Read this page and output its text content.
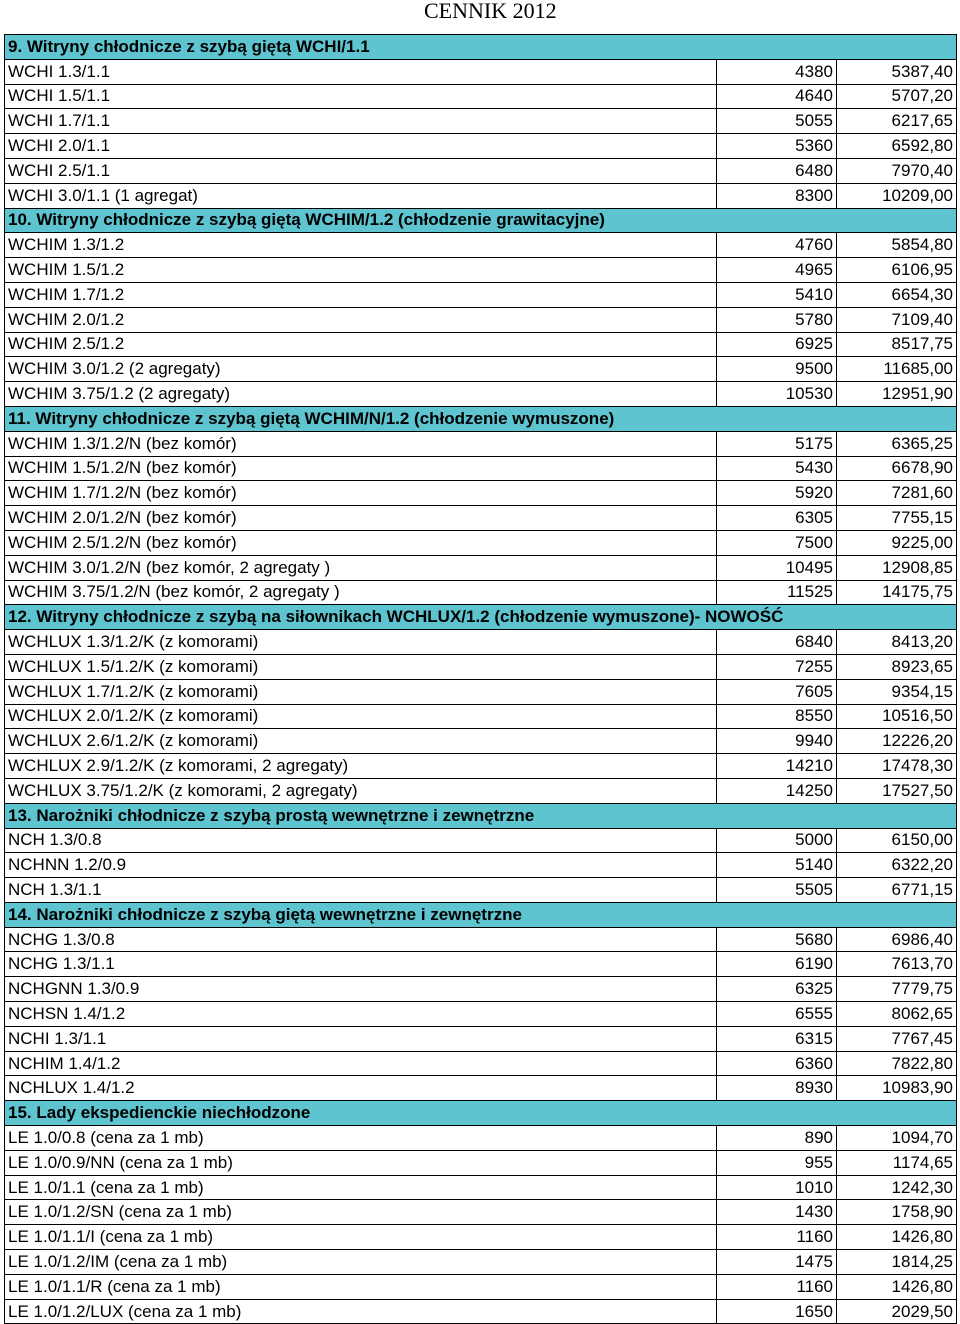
CENNIK 2012
9. Witryny chłodnicze z szybą giętą WCHI/1.1		
WCHI 1.3/1.1	4380	5387,40
WCHI 1.5/1.1	4640	5707,20
WCHI 1.7/1.1	5055	6217,65
WCHI 2.0/1.1	5360	6592,80
WCHI 2.5/1.1	6480	7970,40
WCHI 3.0/1.1 (1 agregat)	8300	10209,00
10. Witryny chłodnicze z szybą giętą WCHIM/1.2 (chłodzenie grawitacyjne)		
WCHIM 1.3/1.2	4760	5854,80
WCHIM 1.5/1.2	4965	6106,95
WCHIM 1.7/1.2	5410	6654,30
WCHIM 2.0/1.2	5780	7109,40
WCHIM 2.5/1.2	6925	8517,75
WCHIM 3.0/1.2 (2 agregaty)	9500	11685,00
WCHIM 3.75/1.2 (2 agregaty)	10530	12951,90
11. Witryny chłodnicze z szybą giętą WCHIM/N/1.2 (chłodzenie wymuszone)		
WCHIM 1.3/1.2/N (bez komór)	5175	6365,25
WCHIM 1.5/1.2/N (bez komór)	5430	6678,90
WCHIM 1.7/1.2/N (bez komór)	5920	7281,60
WCHIM 2.0/1.2/N (bez komór)	6305	7755,15
WCHIM 2.5/1.2/N (bez komór)	7500	9225,00
WCHIM 3.0/1.2/N (bez komór, 2 agregaty )	10495	12908,85
WCHIM 3.75/1.2/N (bez komór, 2 agregaty )	11525	14175,75
12. Witryny chłodnicze z szybą na siłownikach WCHLUX/1.2 (chłodzenie wymuszone)- NOWOŚĆ		
WCHLUX 1.3/1.2/K (z komorami)	6840	8413,20
WCHLUX 1.5/1.2/K (z komorami)	7255	8923,65
WCHLUX 1.7/1.2/K (z komorami)	7605	9354,15
WCHLUX 2.0/1.2/K (z komorami)	8550	10516,50
WCHLUX 2.6/1.2/K (z komorami)	9940	12226,20
WCHLUX 2.9/1.2/K (z komorami, 2 agregaty)	14210	17478,30
WCHLUX 3.75/1.2/K (z komorami, 2 agregaty)	14250	17527,50
13. Narożniki chłodnicze z szybą prostą wewnętrzne i zewnętrzne		
NCH 1.3/0.8	5000	6150,00
NCHNN 1.2/0.9	5140	6322,20
NCH 1.3/1.1	5505	6771,15
14. Narożniki chłodnicze z szybą giętą wewnętrzne i zewnętrzne		
NCHG 1.3/0.8	5680	6986,40
NCHG 1.3/1.1	6190	7613,70
NCHGNN 1.3/0.9	6325	7779,75
NCHSN 1.4/1.2	6555	8062,65
NCHI 1.3/1.1	6315	7767,45
NCHIM 1.4/1.2	6360	7822,80
NCHLUX 1.4/1.2	8930	10983,90
15. Lady ekspedienckie niechłodzone		
LE 1.0/0.8 (cena za 1 mb)	890	1094,70
LE 1.0/0.9/NN (cena za 1 mb)	955	1174,65
LE 1.0/1.1 (cena za 1 mb)	1010	1242,30
LE 1.0/1.2/SN (cena za 1 mb)	1430	1758,90
LE 1.0/1.1/I (cena za 1 mb)	1160	1426,80
LE 1.0/1.2/IM (cena za 1 mb)	1475	1814,25
LE 1.0/1.1/R (cena za 1 mb)	1160	1426,80
LE 1.0/1.2/LUX (cena za 1 mb)	1650	2029,50
